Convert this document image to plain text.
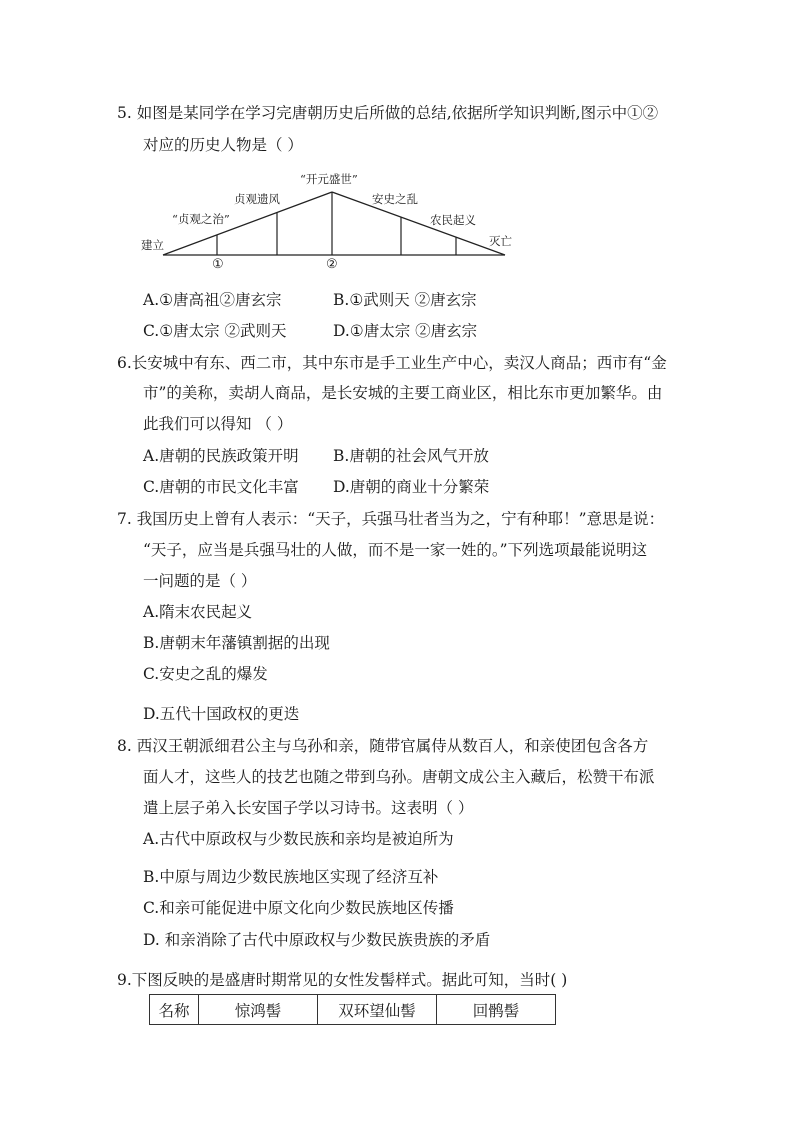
5. 如图是某同学在学习完唐朝历史后所做的总结,依据所学知识判断,图示中①②
对应的历史人物是（ ）
“开元盛世”
贞观遗风
“贞观之治”
安史之乱
农民起义
建立	灭亡
①	②
A.①唐高祖②唐玄宗	B.①武则天 ②唐玄宗
C.①唐太宗 ②武则天	D.①唐太宗 ②唐玄宗
6.长安城中有东、西二市，其中东市是手工业生产中心，卖汉人商品；西市有“金
市”的美称，卖胡人商品，是长安城的主要工商业区，相比东市更加繁华。由
此我们可以得知 （ ）
A.唐朝的民族政策开明 B.唐朝的社会风气开放
C.唐朝的市民文化丰富 D.唐朝的商业十分繁荣
7. 我国历史上曾有人表示：“天子，兵强马壮者当为之，宁有种耶！”意思是说：
“天子，应当是兵强马壮的人做，而不是一家一姓的。”下列选项最能说明这
一问题的是（ ）
A.隋末农民起义
B.唐朝末年藩镇割据的出现
C.安史之乱的爆发
D.五代十国政权的更迭
8. 西汉王朝派细君公主与乌孙和亲，随带官属侍从数百人，和亲使团包含各方
面人才，这些人的技艺也随之带到乌孙。唐朝文成公主入藏后，松赞干布派
遣上层子弟入长安国子学以习诗书。这表明（ ）
A.古代中原政权与少数民族和亲均是被迫所为
B.中原与周边少数民族地区实现了经济互补
C.和亲可能促进中原文化向少数民族地区传播
D. 和亲消除了古代中原政权与少数民族贵族的矛盾
9.下图反映的是盛唐时期常见的女性发髻样式。据此可知，当时( )
名称	惊鸿髻	双环望仙髻	回鹘髻
